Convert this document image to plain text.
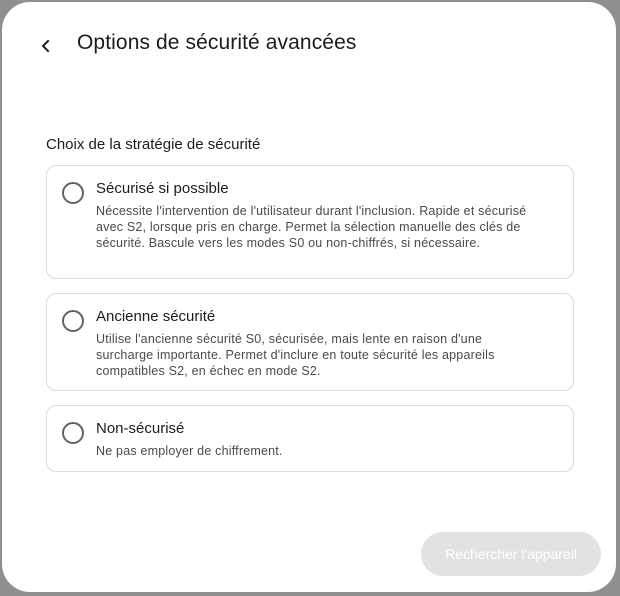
Options de sécurité avancées
Choix de la stratégie de sécurité
Sécurisé si possible
Nécessite l'intervention de l'utilisateur durant l'inclusion. Rapide et sécurisé avec S2, lorsque pris en charge. Permet la sélection manuelle des clés de sécurité. Bascule vers les modes S0 ou non-chiffrés, si nécessaire.
Ancienne sécurité
Utilise l'ancienne sécurité S0, sécurisée, mais lente en raison d'une surcharge importante. Permet d'inclure en toute sécurité les appareils compatibles S2, en échec en mode S2.
Non-sécurisé
Ne pas employer de chiffrement.
Rechercher l'appareil
